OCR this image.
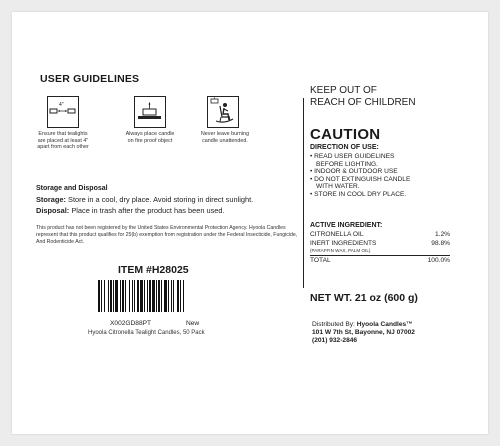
USER GUIDELINES
4"
Ensure that tealights
are placed at least 4"
apart from each other
Always place candle
on fire proof object
Never leave burning
candle unattended.
Storage and Disposal
Storage: Store in a cool, dry place. Avoid storing in direct sunlight.
Disposal: Place in trash after the product has been used.
This product has not been registered by the United States Environmental Protection Agency. Hyoola Candles represent that this product qualifies for 25(b) exemption from registration under the Federal Insecticide, Fungicide, And Rodenticide Act.
ITEM #H28025
X002GD88PT	New
Hyoola Citronella Tealight Candles, 50 Pack
KEEP OUT OF
REACH OF CHILDREN
CAUTION
DIRECTION OF USE:
• READ USER GUIDELINES
BEFORE LIGHTING.
• INDOOR & OUTDOOR USE
• DO NOT EXTINGUISH CANDLE
WITH WATER.
• STORE IN COOL DRY PLACE.
ACTIVE INGREDIENT:
CITRONELLA OIL	1.2%
INERT INGREDIENTS	98.8%
(PARAFFIN WAX, PALM OIL)
TOTAL	100.0%
NET WT. 21 oz (600 g)
Distributed By: Hyoola Candles™
101 W 7th St, Bayonne, NJ 07002
(201) 932-2846
